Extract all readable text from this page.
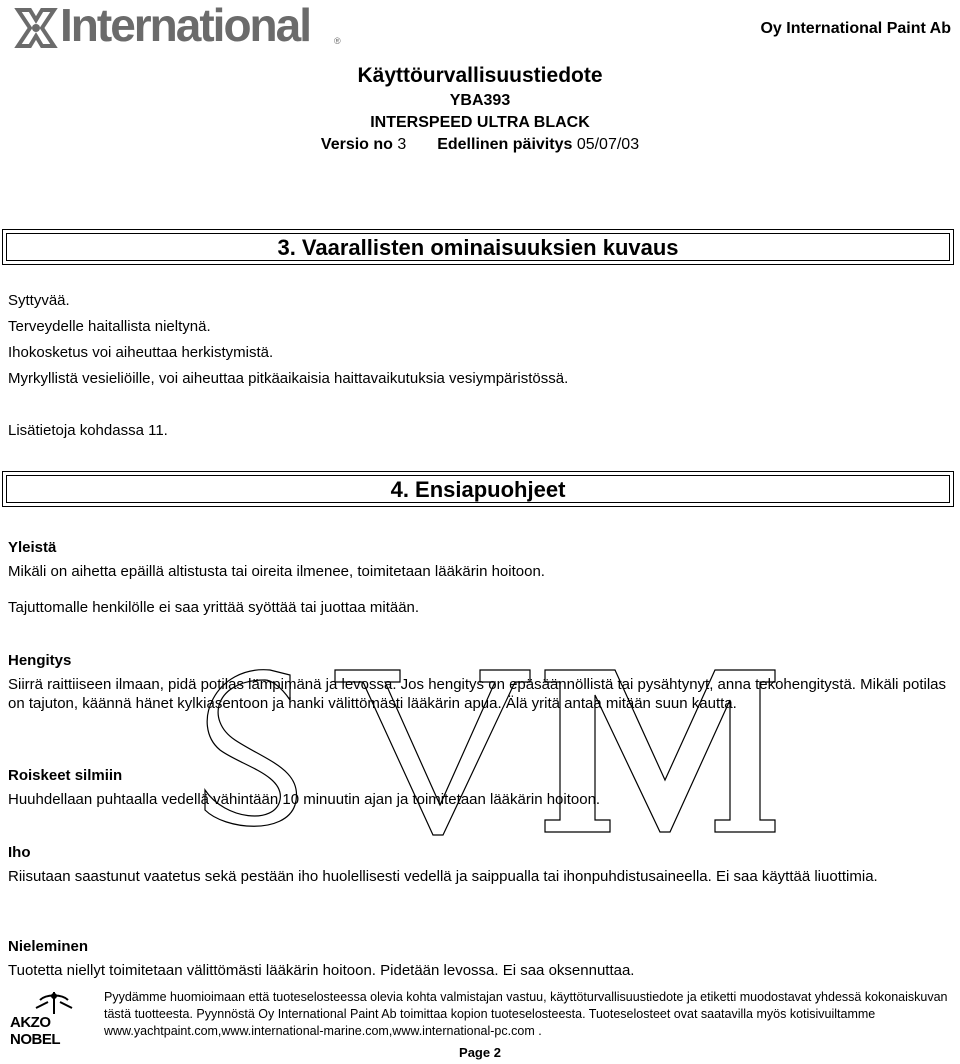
International	®
Oy International Paint Ab
Käyttöurvallisuustiedote
YBA393
INTERSPEED ULTRA BLACK
Versio no 3 Edellinen päivitys 05/07/03
3. Vaarallisten ominaisuuksien kuvaus
Syttyvää.
Terveydelle haitallista nieltynä.
Ihokosketus voi aiheuttaa herkistymistä.
Myrkyllistä vesieliöille, voi aiheuttaa pitkäaikaisia haittavaikutuksia vesiympäristössä.
Lisätietoja kohdassa 11.
4. Ensiapuohjeet
Yleistä
Mikäli on aihetta epäillä altistusta tai oireita ilmenee, toimitetaan lääkärin hoitoon.
Tajuttomalle henkilölle ei saa yrittää syöttää tai juottaa mitään.
Hengitys
Siirrä raittiiseen ilmaan, pidä potilas lämpimänä ja levossa. Jos hengitys on epäsäännöllistä tai pysähtynyt, anna tekohengitystä. Mikäli potilas on tajuton, käännä hänet kylkiasentoon ja hanki välittömästi lääkärin apua. Älä yritä antaa mitään suun kautta.
Roiskeet silmiin
Huuhdellaan puhtaalla vedellä vähintään 10 minuutin ajan ja toimitetaan lääkärin hoitoon.
Iho
Riisutaan saastunut vaatetus sekä pestään iho huolellisesti vedellä ja saippualla tai ihonpuhdistusaineella. Ei saa käyttää liuottimia.
Nieleminen
Tuotetta niellyt toimitetaan välittömästi lääkärin hoitoon. Pidetään levossa. Ei saa oksennuttaa.
AKZO NOBEL
Pyydämme huomioimaan että tuoteselosteessa olevia kohta valmistajan vastuu, käyttöturvallisuustiedote ja etiketti muodostavat yhdessä kokonaiskuvan tästä tuotteesta. Pyynnöstä Oy International Paint Ab toimittaa kopion tuoteselosteesta. Tuoteselosteet ovat saatavilla myös kotisivuiltamme www.yachtpaint.com,www.international-marine.com,www.international-pc.com .
Page 2
